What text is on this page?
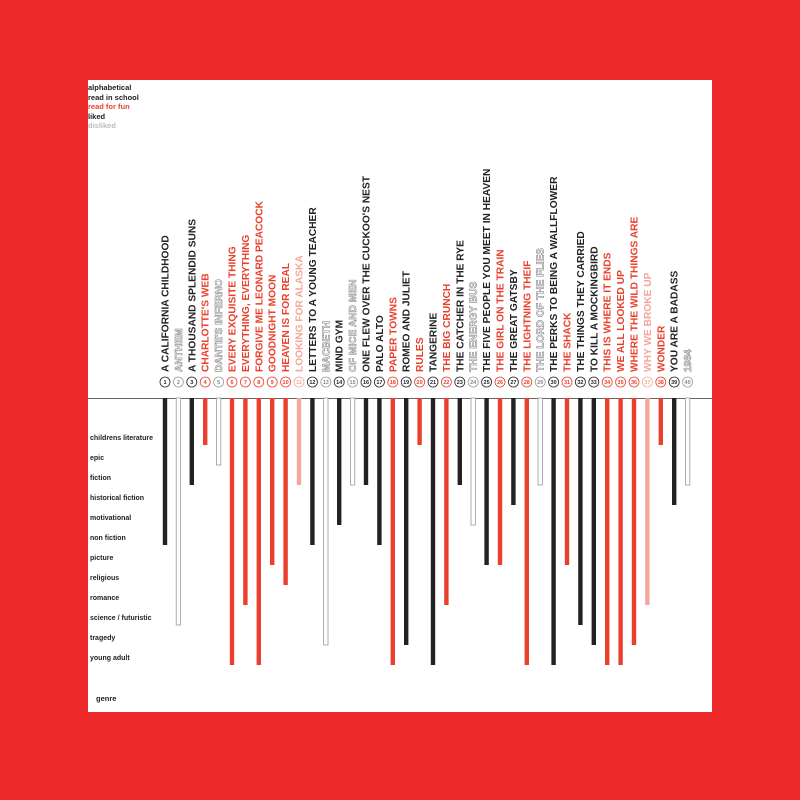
alphabetical
read in school
read for fun
liked
disliked
childrens literature
epic
fiction
historical fiction
motivational
non fiction
picture
religious
romance
science / futuristic
tragedy
young adult
genre
1
A CALIFORNIA CHILDHOOD
2
ANTHEM
3
A THOUSAND SPLENDID SUNS
4
CHARLOTTE'S WEB
5
DANTE'S INFERNO
6
EVERY EXQUISITE THING
7
EVERYTHING, EVERYTHING
8
FORGIVE ME LEONARD PEACOCK
9
GOODNIGHT MOON
10
HEAVEN IS FOR REAL
11
LOOKING FOR ALASKA
12
LETTERS TO A YOUNG TEACHER
13
MACBETH
14
MIND GYM
15
OF MICE AND MEN
16
ONE FLEW OVER THE CUCKOO'S NEST
17
PALO ALTO
18
PAPER TOWNS
19
ROMEO AND JULIET
20
RULES
21
TANGERINE
22
THE BIG CRUNCH
23
THE CATCHER IN THE RYE
24
THE ENERGY BUS
25
THE FIVE PEOPLE YOU MEET IN HEAVEN
26
THE GIRL ON THE TRAIN
27
THE GREAT GATSBY
28
THE LIGHTNING THEIF
29
THE LORD OF THE FLIES
30
THE PERKS TO BEING A WALLFLOWER
31
THE SHACK
32
THE THINGS THEY CARRIED
33
TO KILL A MOCKINGBIRD
34
THIS IS WHERE IT ENDS
35
WE ALL LOOKED UP
36
WHERE THE WILD THINGS ARE
37
WHY WE BROKE UP
38
WONDER
39
YOU ARE A BADASS
40
1984
